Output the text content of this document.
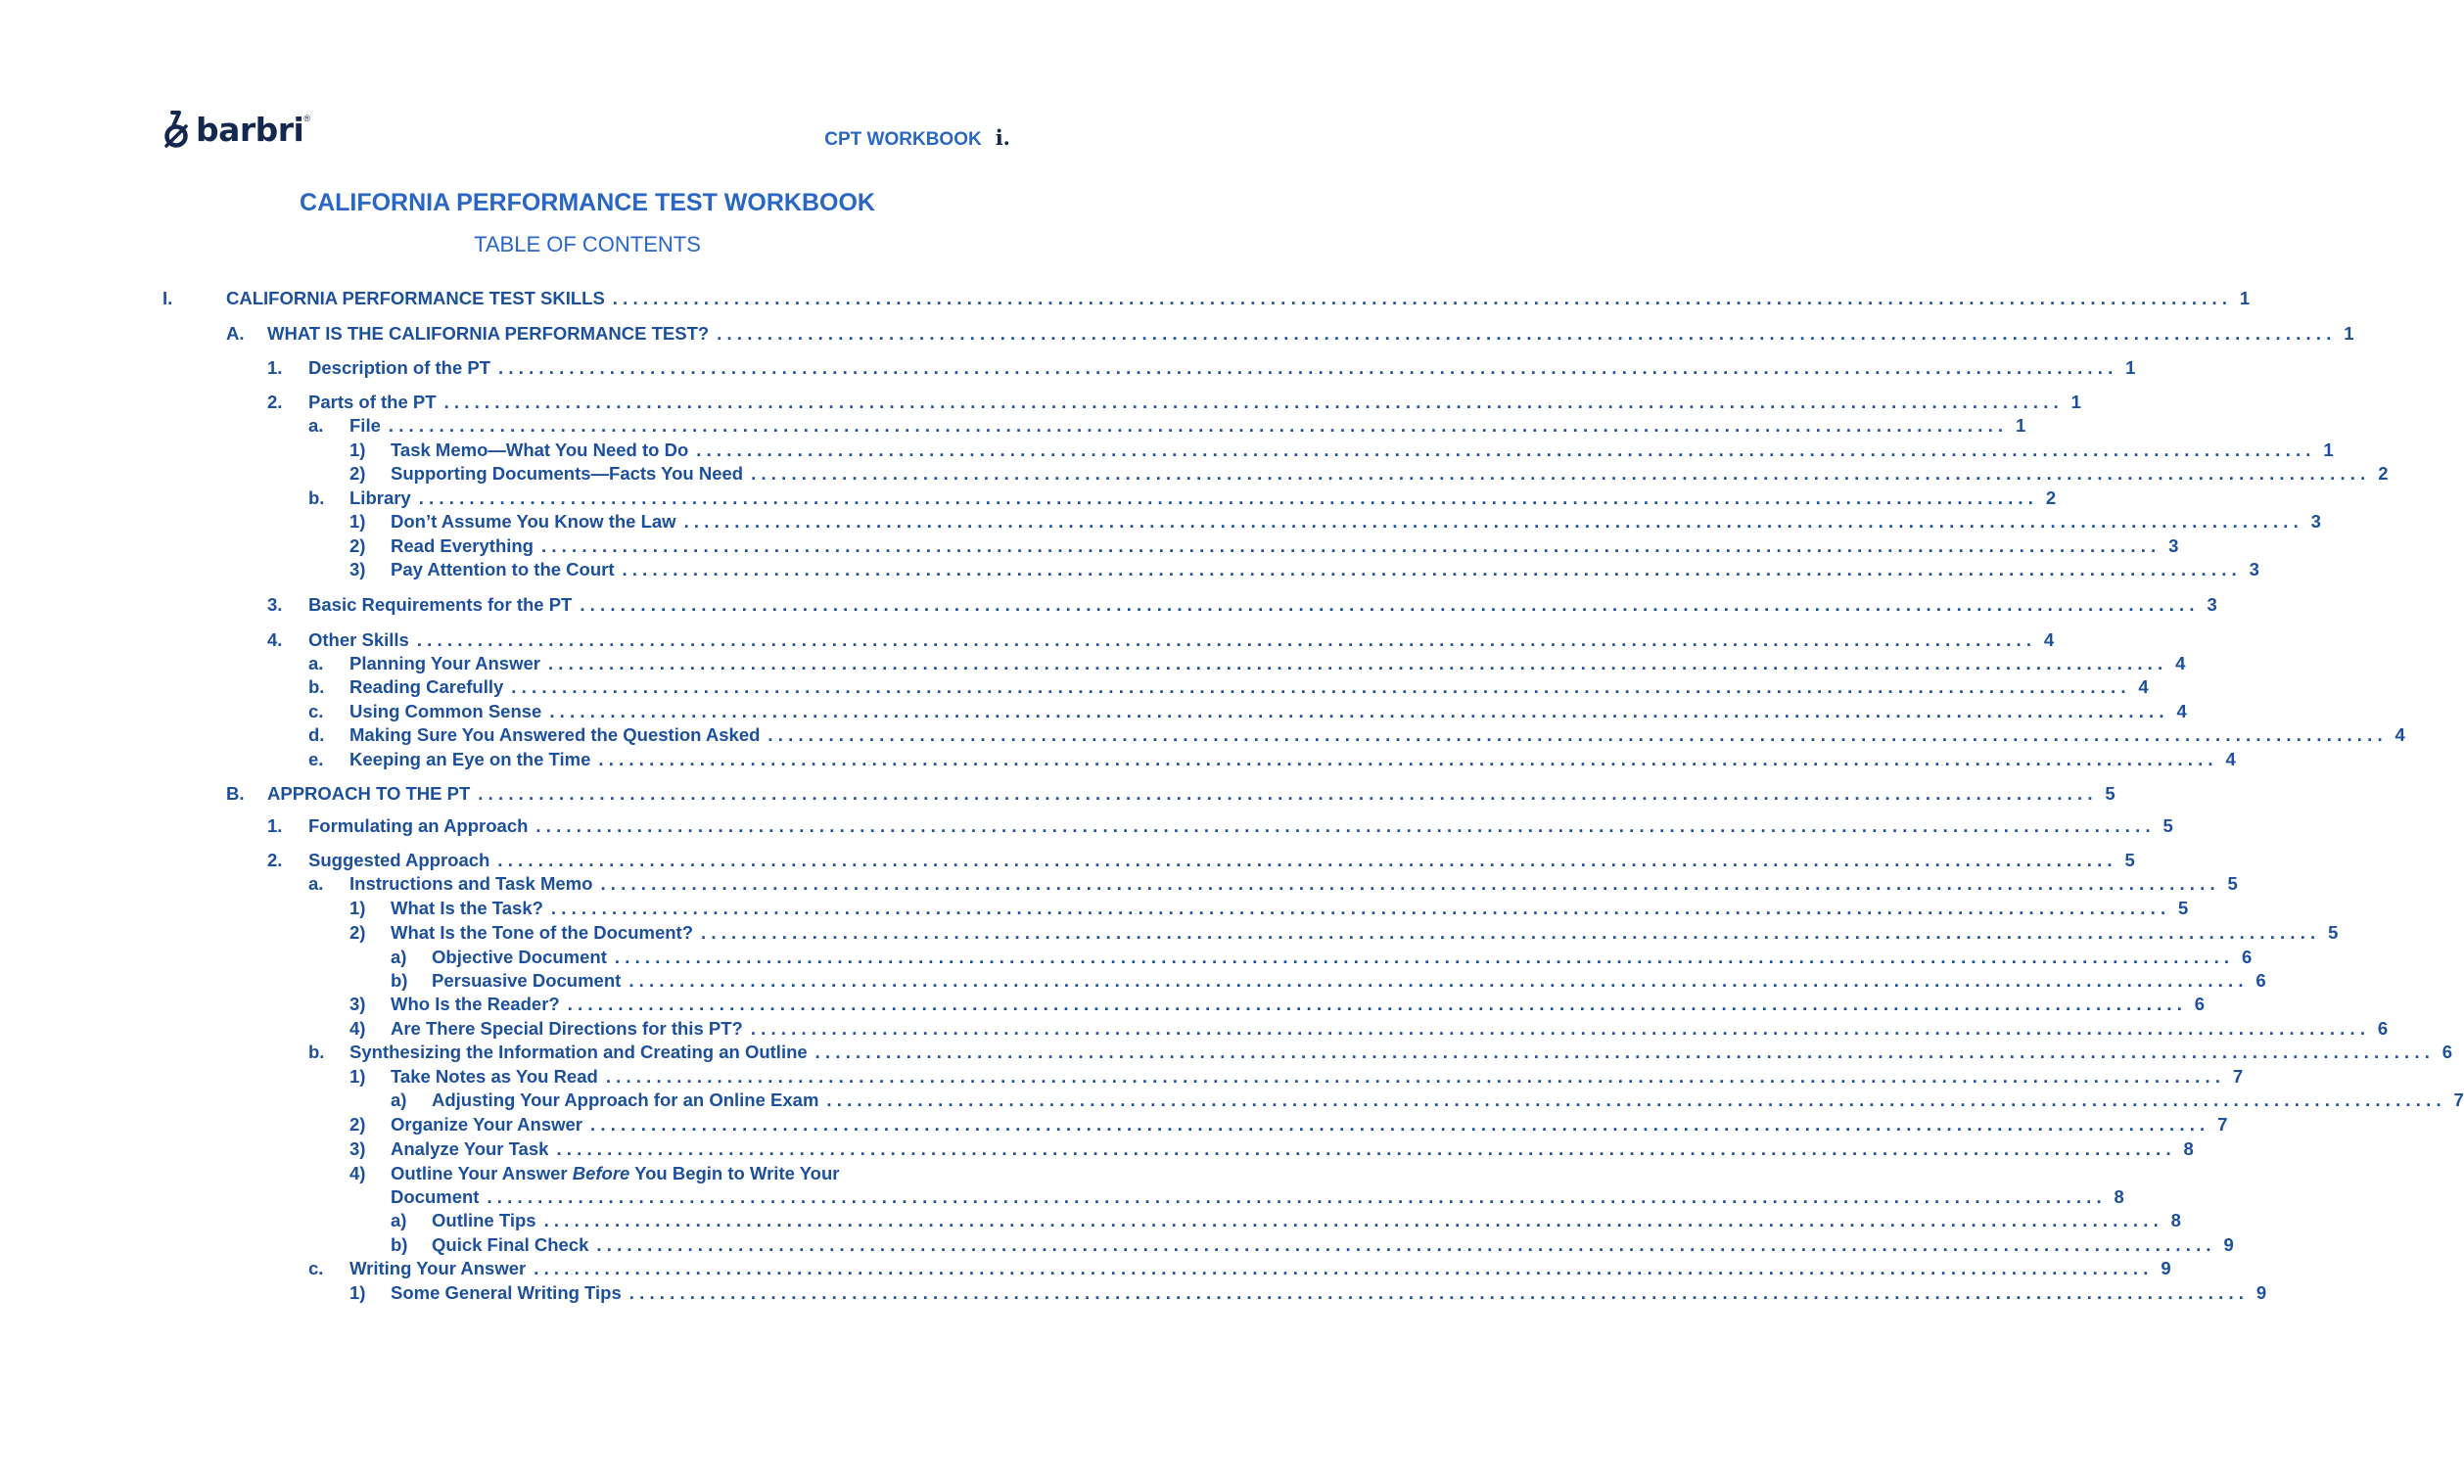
barbri ®
CPT WORKBOOK i.
CALIFORNIA PERFORMANCE TEST WORKBOOK
TABLE OF CONTENTS
I.	CALIFORNIA PERFORMANCE TEST SKILLS ................................................................................................................................................................ 1
A. WHAT IS THE CALIFORNIA PERFORMANCE TEST? ................................................................................................................................................................ 1
1. Description of the PT ................................................................................................................................................................ 1
2. Parts of the PT ................................................................................................................................................................ 1
a. File ................................................................................................................................................................ 1
1) Task Memo—What You Need to Do ................................................................................................................................................................ 1
2) Supporting Documents—Facts You Need ................................................................................................................................................................ 2
b. Library ................................................................................................................................................................ 2
1) Don’t Assume You Know the Law ................................................................................................................................................................ 3
2) Read Everything ................................................................................................................................................................ 3
3) Pay Attention to the Court ................................................................................................................................................................ 3
3. Basic Requirements for the PT ................................................................................................................................................................ 3
4. Other Skills ................................................................................................................................................................ 4
a. Planning Your Answer ................................................................................................................................................................ 4
b. Reading Carefully ................................................................................................................................................................ 4
c. Using Common Sense ................................................................................................................................................................ 4
d. Making Sure You Answered the Question Asked ................................................................................................................................................................ 4
e. Keeping an Eye on the Time ................................................................................................................................................................ 4
B. APPROACH TO THE PT ................................................................................................................................................................ 5
1. Formulating an Approach ................................................................................................................................................................ 5
2. Suggested Approach ................................................................................................................................................................ 5
a. Instructions and Task Memo ................................................................................................................................................................ 5
1) What Is the Task? ................................................................................................................................................................ 5
2) What Is the Tone of the Document? ................................................................................................................................................................ 5
a) Objective Document ................................................................................................................................................................ 6
b) Persuasive Document ................................................................................................................................................................ 6
3) Who Is the Reader? ................................................................................................................................................................ 6
4) Are There Special Directions for this PT? ................................................................................................................................................................ 6
b. Synthesizing the Information and Creating an Outline ................................................................................................................................................................ 6
1) Take Notes as You Read ................................................................................................................................................................ 7
a) Adjusting Your Approach for an Online Exam ................................................................................................................................................................ 7
2) Organize Your Answer ................................................................................................................................................................ 7
3) Analyze Your Task ................................................................................................................................................................ 8
Outline Your Answer Before You Begin to Write Your
4)
Document ................................................................................................................................................................ 8
a) Outline Tips ................................................................................................................................................................ 8
b) Quick Final Check ................................................................................................................................................................ 9
c. Writing Your Answer ................................................................................................................................................................ 9
1) Some General Writing Tips ................................................................................................................................................................ 9
